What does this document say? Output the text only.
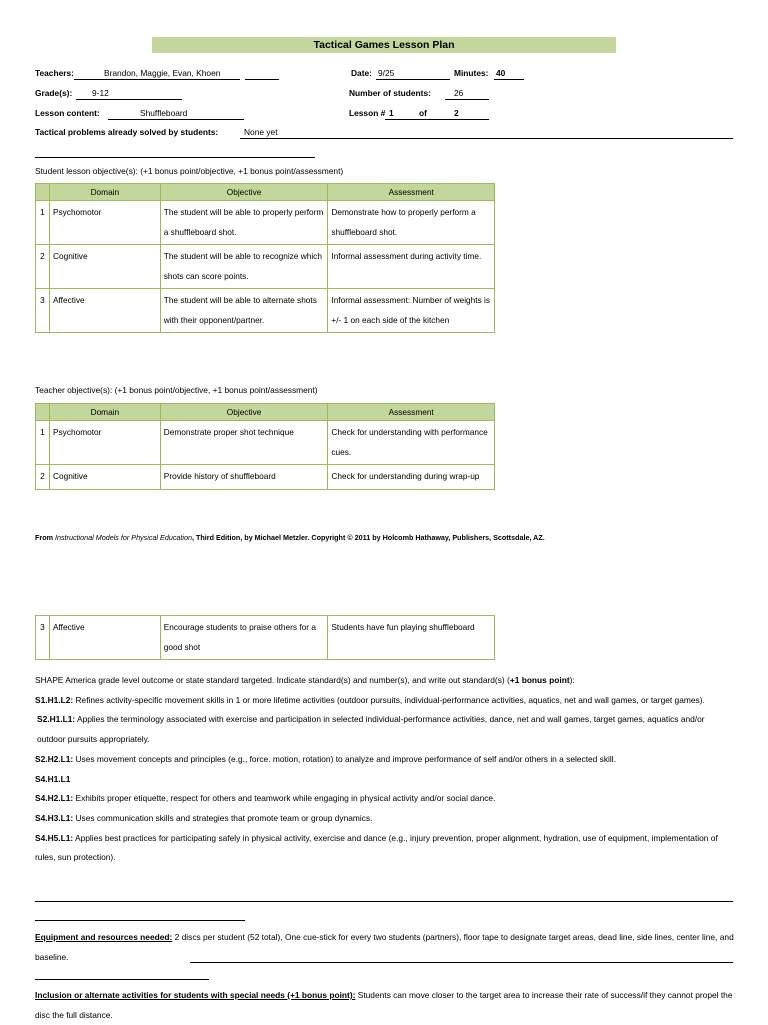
Tactical Games Lesson Plan
Teachers:	Brandon, Maggie, Evan, Khoen	Date: 9/25	Minutes: 40
Grade(s): 9-12	Number of students:	26
Lesson content:	Shuffleboard	Lesson # 1	of	2
Tactical problems already solved by students:	None yet
Student lesson objective(s): (+1 bonus point/objective, +1 bonus point/assessment)
	Domain	Objective	Assessment
1	Psychomotor	The student will be able to properly perform a shuffleboard shot.	Demonstrate how to properly perform a shuffleboard shot.
2	Cognitive	The student will be able to recognize which shots can score points.	Informal assessment during activity time.
3	Affective	The student will be able to alternate shots with their opponent/partner.	Informal assessment: Number of weights is +/- 1 on each side of the kitchen
Teacher objective(s): (+1 bonus point/objective, +1 bonus point/assessment)
	Domain	Objective	Assessment
1	Psychomotor	Demonstrate proper shot technique	Check for understanding with performance cues.
2	Cognitive	Provide history of shuffleboard	Check for understanding during wrap-up
From Instructional Models for Physical Education, Third Edition, by Michael Metzler. Copyright © 2011 by Holcomb Hathaway, Publishers, Scottsdale, AZ.
3	Affective	Encourage students to praise others for a good shot	Students have fun playing shuffleboard

SHAPE America grade level outcome or state standard targeted. Indicate standard(s) and number(s), and write out standard(s) (+1 bonus point):

S1.H1.L2: Refines activity-specific movement skills in 1 or more lifetime activities (outdoor pursuits, individual-performance activities, aquatics, net and wall games, or target games).

S2.H1.L1: Applies the terminology associated with exercise and participation in selected individual-performance activities, dance, net and wall games, target games, aquatics and/or outdoor pursuits appropriately.

S2.H2.L1: Uses movement concepts and principles (e.g., force. motion, rotation) to analyze and improve performance of self and/or others in a selected skill.

S4.H1.L1

S4.H2.L1: Exhibits proper etiquette, respect for others and teamwork while engaging in physical activity and/or social dance.

S4.H3.L1: Uses communication skills and strategies that promote team or group dynamics.

S4.H5.L1: Applies best practices for participating safely in physical activity, exercise and dance (e.g., injury prevention, proper alignment, hydration, use of equipment, implementation of rules, sun protection).

Equipment and resources needed: 2 discs per student (52 total), One cue-stick for every two students (partners), floor tape to designate target areas, dead line, side lines, center line, and baseline.
Inclusion or alternate activities for students with special needs (+1 bonus point): Students can move closer to the target area to increase their rate of success/if they cannot propel the disc the full distance.
